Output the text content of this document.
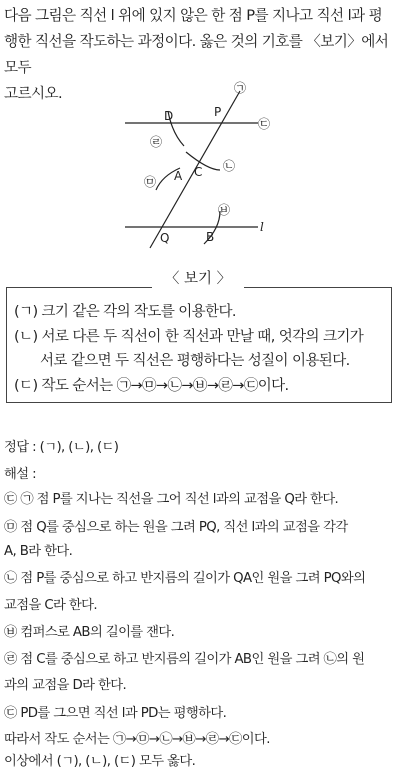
다음 그림은 직선 l 위에 있지 않은 한 점 P를 지나고 직선 l과 평
행한 직선을 작도하는 과정이다. 옳은 것의 기호를 〈보기〉에서 모두
고르시오.	㉠
D	P
㉣
㉢
A C
㉤
㉡
㉥
Q	B
l
〈 보기 〉
(ㄱ) 크기 같은 각의 작도를 이용한다.
(ㄴ) 서로 다른 두 직선이 한 직선과 만날 때, 엇각의 크기가
서로 같으면 두 직선은 평행하다는 성질이 이용된다.
(ㄷ) 작도 순서는 ㉠→㉤→㉡→㉥→㉣→㉢이다.
정답 : (ㄱ), (ㄴ), (ㄷ)
해설 :
㉢ ㉠ 점 P를 지나는 직선을 그어 직선 l과의 교점을 Q라 한다.
㉤ 점 Q를 중심으로 하는 원을 그려 PQ, 직선 l과의 교점을 각각
A, B라 한다.
㉡ 점 P를 중심으로 하고 반지름의 길이가 QA인 원을 그려 PQ와의
교점을 C라 한다.
㉥ 컴퍼스로 AB의 길이를 잰다.
㉣ 점 C를 중심으로 하고 반지름의 길이가 AB인 원을 그려 ㉡의 원
과의 교점을 D라 한다.
㉢ PD를 그으면 직선 l과 PD는 평행하다.
따라서 작도 순서는 ㉠→㉤→㉡→㉥→㉣→㉢이다.
이상에서 (ㄱ), (ㄴ), (ㄷ) 모두 옳다.
